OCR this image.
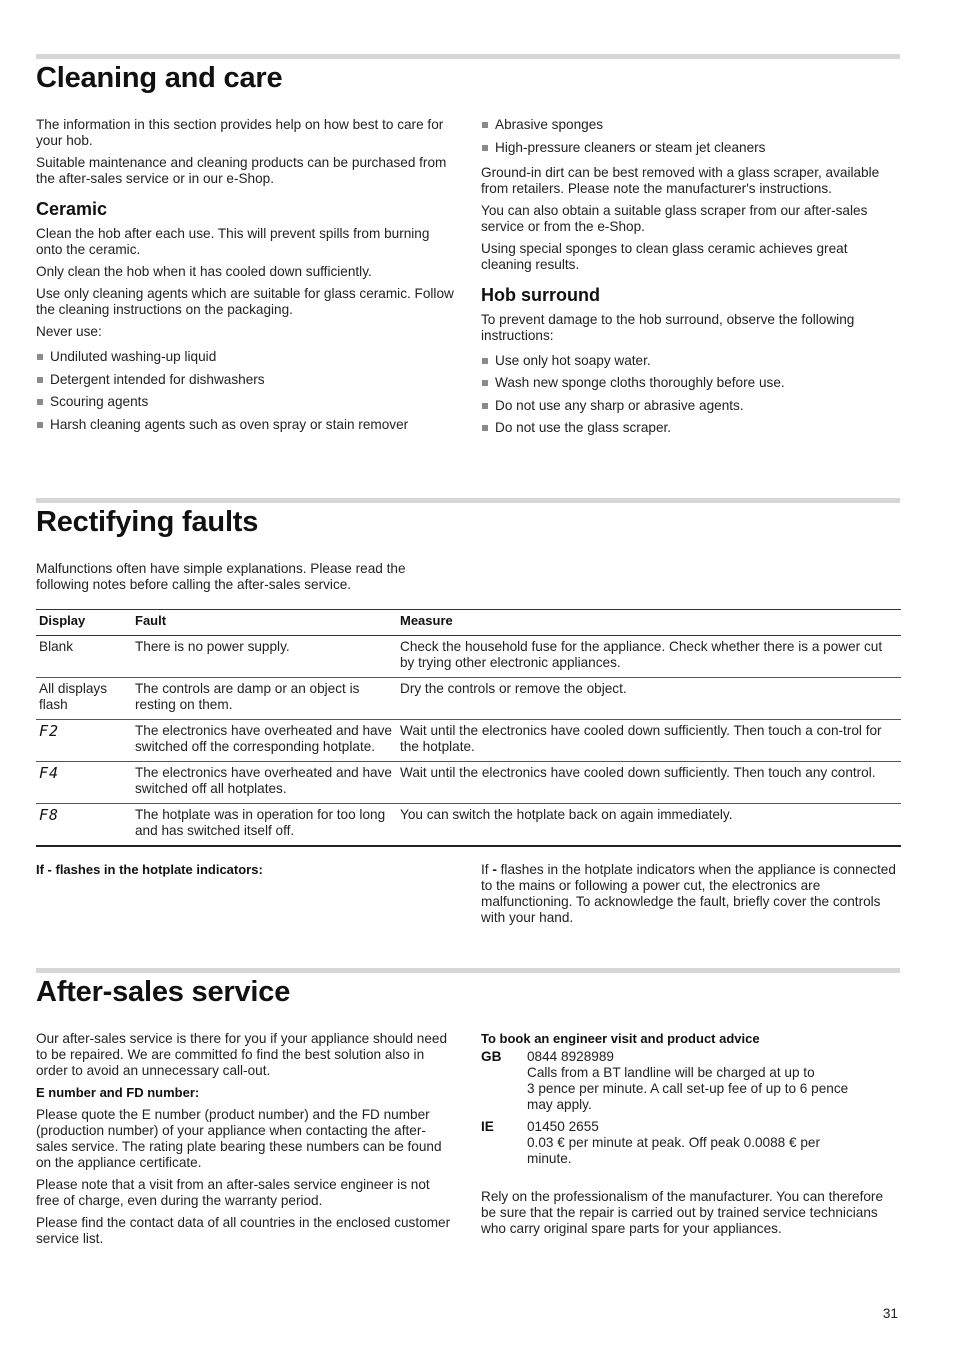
Cleaning and care

The information in this section provides help on how best to care for your hob.

Suitable maintenance and cleaning products can be purchased from the after-sales service or in our e-Shop.

Ceramic

Clean the hob after each use. This will prevent spills from burning onto the ceramic.

Only clean the hob when it has cooled down sufficiently.

Use only cleaning agents which are suitable for glass ceramic. Follow the cleaning instructions on the packaging.

Never use:

Undiluted washing-up liquid
Detergent intended for dishwashers
Scouring agents
Harsh cleaning agents such as oven spray or stain remover
Abrasive sponges
High-pressure cleaners or steam jet cleaners

Ground-in dirt can be best removed with a glass scraper, available from retailers. Please note the manufacturer's instructions.

You can also obtain a suitable glass scraper from our after-sales service or from the e-Shop.

Using special sponges to clean glass ceramic achieves great cleaning results.

Hob surround

To prevent damage to the hob surround, observe the following instructions:

Use only hot soapy water.
Wash new sponge cloths thoroughly before use.
Do not use any sharp or abrasive agents.
Do not use the glass scraper.
Rectifying faults

Malfunctions often have simple explanations. Please read the following notes before calling the after-sales service.

Display	Fault	Measure
Blank	There is no power supply.	Check the household fuse for the appliance. Check whether there is a power cut by trying other electronic appliances.
All displays flash	The controls are damp or an object is resting on them.	Dry the controls or remove the object.
F2	The electronics have overheated and have switched off the corresponding hotplate.	Wait until the electronics have cooled down sufficiently. Then touch a con-trol for the hotplate.
F4	The electronics have overheated and have switched off all hotplates.	Wait until the electronics have cooled down sufficiently. Then touch any control.
F8	The hotplate was in operation for too long and has switched itself off.	You can switch the hotplate back on again immediately.
If - flashes in the hotplate indicators:	If - flashes in the hotplate indicators when the appliance is connected to the mains or following a power cut, the electronics are malfunctioning. To acknowledge the fault, briefly cover the controls with your hand.

After-sales service

Our after-sales service is there for you if your appliance should need to be repaired. We are committed fo find the best solution also in order to avoid an unnecessary call-out.

E number and FD number:

Please quote the E number (product number) and the FD number (production number) of your appliance when contacting the after-sales service. The rating plate bearing these numbers can be found on the appliance certificate.

Please note that a visit from an after-sales service engineer is not free of charge, even during the warranty period.

Please find the contact data of all countries in the enclosed customer service list.

To book an engineer visit and product advice
GB	0844 8928989
Calls from a BT landline will be charged at up to
3 pence per minute. A call set-up fee of up to 6 pence
may apply.
IE	01450 2655
0.03 € per minute at peak. Off peak 0.0088 € per
minute.

Rely on the professionalism of the manufacturer. You can therefore be sure that the repair is carried out by trained service technicians who carry original spare parts for your appliances.

31
